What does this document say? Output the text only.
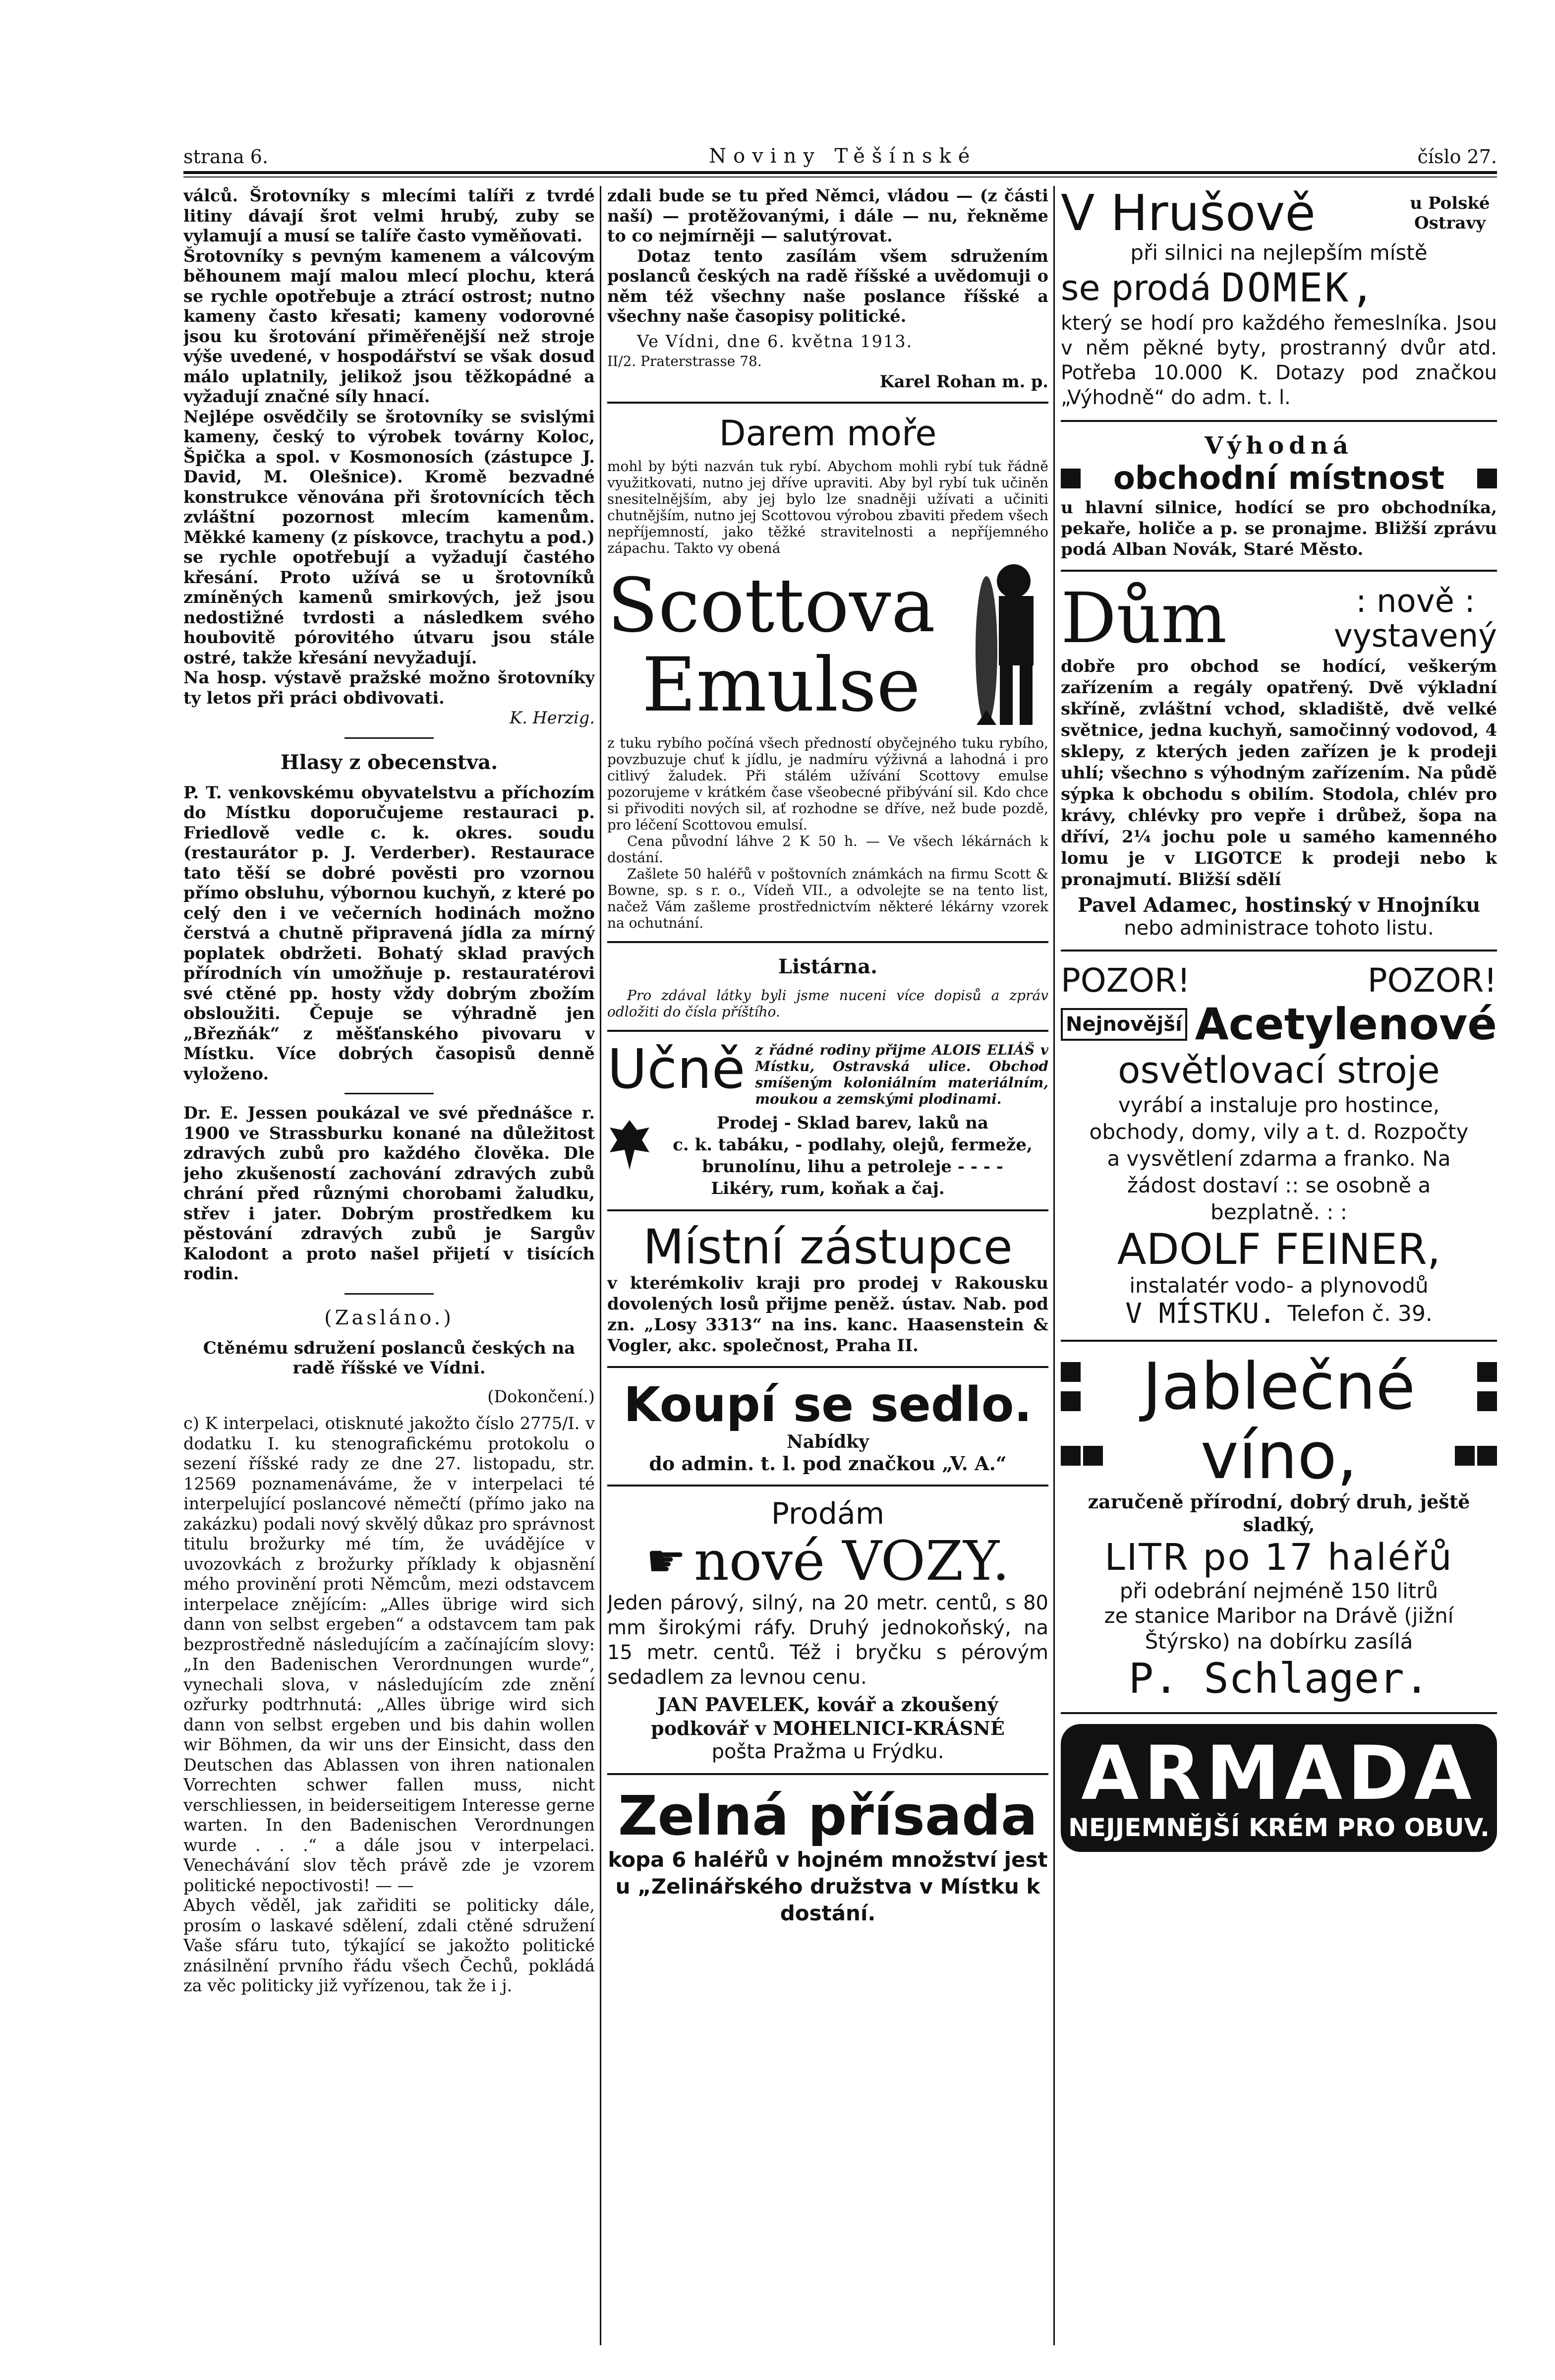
strana 6.	Noviny Těšínské	číslo 27.

válců. Šrotovníky s mlecími talíři z tvrdé litiny dávají šrot velmi hrubý, zuby se vylamují a musí se talíře často vyměňovati.

Šrotovníky s pevným kamenem a válcovým běhounem mají malou mlecí plochu, která se rychle opotřebuje a ztrácí ostrost; nutno kameny často křesati; kameny vodorovné jsou ku šrotování přiměřenější než stroje výše uvedené, v hospodářství se však dosud málo uplatnily, jelikož jsou těžkopádné a vyžadují značné síly hnací.

Nejlépe osvědčily se šrotovníky se svislými kameny, český to výrobek továrny Koloc, Špička a spol. v Kosmonosích (zástupce J. David, M. Olešnice). Kromě bezvadné konstrukce věnována při šrotovnících těch zvláštní pozornost mlecím kamenům. Měkké kameny (z pískovce, trachytu a pod.) se rychle opotřebují a vyžadují častého křesání. Proto užívá se u šrotovníků zmíněných kamenů smirkových, jež jsou nedostižné tvrdosti a následkem svého houbovitě pórovitého útvaru jsou stále ostré, takže křesání nevyžadují.

Na hosp. výstavě pražské možno šrotovníky ty letos při práci obdivovati.

K. Herzig.

Hlasy z obecenstva.

P. T. venkovskému obyvatelstvu a příchozím do Místku doporučujeme restauraci p. Friedlově vedle c. k. okres. soudu (restaurátor p. J. Verderber). Restaurace tato těší se dobré pověsti pro vzornou přímo obsluhu, výbornou kuchyň, z které po celý den i ve večerních hodinách možno čerstvá a chutně připravená jídla za mírný poplatek obdržeti. Bohatý sklad pravých přírodních vín umožňuje p. restauratérovi své ctěné pp. hosty vždy dobrým zbožím obsloužiti. Čepuje se výhradně jen „Březňák“ z měšťanského pivovaru v Místku. Více dobrých časopisů denně vyloženo.

Dr. E. Jessen poukázal ve své přednášce r. 1900 ve Strassburku konané na důležitost zdravých zubů pro každého člověka. Dle jeho zkušeností zachování zdravých zubů chrání před různými chorobami žaludku, střev i jater. Dobrým prostředkem ku pěstování zdravých zubů je Sargův Kalodont a proto našel přijetí v tisících rodin.

(Zasláno.)

Ctěnému sdružení poslanců českých na radě říšské ve Vídni.

(Dokončení.)

c) K interpelaci, otisknuté jakožto číslo 2775/I. v dodatku I. ku stenografickému protokolu o sezení říšské rady ze dne 27. listopadu, str. 12569 poznamenáváme, že v interpelaci té interpelující poslancové němečtí (přímo jako na zakázku) podali nový skvělý důkaz pro správnost titulu brožurky mé tím, že uvádějíce v uvozovkách z brožurky příklady k objasnění mého provinění proti Němcům, mezi odstavcem interpelace znějícím: „Alles übrige wird sich dann von selbst ergeben“ a odstavcem tam pak bezprostředně následujícím a začínajícím slovy: „In den Badenischen Verordnungen wurde“, vynechali slova, v následujícím zde znění ozřurky podtrhnutá: „Alles übrige wird sich dann von selbst ergeben und bis dahin wollen wir Böhmen, da wir uns der Einsicht, dass den Deutschen das Ablassen von ihren nationalen Vorrechten schwer fallen muss, nicht verschliessen, in beiderseitigem Interesse gerne warten. In den Badenischen Verordnungen wurde . . .“ a dále jsou v interpelaci. Venechávání slov těch právě zde je vzorem politické nepoctivosti! — —

Abych věděl, jak zařiditi se politicky dále, prosím o laskavé sdělení, zdali ctěné sdružení Vaše sfáru tuto, týkající se jakožto politické znásilnění prvního řádu všech Čechů, pokládá za věc politicky již vyřízenou, tak že i j.

zdali bude se tu před Němci, vládou — (z části naší) — protěžovanými, i dále — nu, řekněme to co nejmírněji — salutýrovat.

Dotaz tento zasílám všem sdružením poslanců českých na radě říšské a uvědomuji o něm též všechny naše poslance říšské a všechny naše časopisy politické.

Ve Vídni, dne 6. května 1913.

II/2. Praterstrasse 78.

Karel Rohan m. p.

Darem moře

mohl by býti nazván tuk rybí. Abychom mohli rybí tuk řádně využitkovati, nutno jej dříve upraviti. Aby byl rybí tuk učiněn snesitelnějším, aby jej bylo lze snadněji užívati a učiniti chutnějším, nutno jej Scottovou výrobou zbaviti předem všech nepříjemností, jako těžké stravitelnosti a nepříjemného zápachu. Takto vy obená

Scottova

Emulse

z tuku rybího počíná všech předností obyčejného tuku rybího, povzbuzuje chuť k jídlu, je nadmíru výživná a lahodná i pro citlivý žaludek. Při stálém užívání Scottovy emulse pozorujeme v krátkém čase všeobecné přibývání sil. Kdo chce si přivoditi nových sil, ať rozhodne se dříve, než bude pozdě, pro léčení Scottovou emulsí.

Cena původní láhve 2 K 50 h. — Ve všech lékárnách k dostání.

Zašlete 50 haléřů v poštovních známkách na firmu Scott & Bowne, sp. s r. o., Vídeň VII., a odvolejte se na tento list, načež Vám zašleme prostřednictvím některé lékárny vzorek na ochutnání.

Listárna.

Pro zdával látky byli jsme nuceni více dopisů a zpráv odložiti do čísla příštího.

Učně z řádné rodiny přijme ALOIS ELIÁŠ v Místku, Ostravská ulice. Obchod smíšeným koloniálním materiálním, moukou a zemskými plodinami.

Prodej - Sklad barev, laků na

c. k. tabáku, - podlahy, olejů, fermeže,

brunolínu, lihu a petroleje - - - -

Likéry, rum, koňak a čaj.

Místní zástupce

v kterémkoliv kraji pro prodej v Rakousku dovolených losů přijme peněž. ústav. Nab. pod zn. „Losy 3313“ na ins. kanc. Haasenstein & Vogler, akc. společnost, Praha II.

Koupí se sedlo.

Nabídky

do admin. t. l. pod značkou „V. A.“

Prodám

☛ nové VOZY.

Jeden párový, silný, na 20 metr. centů, s 80 mm širokými ráfy. Druhý jednokoňský, na 15 metr. centů. Též i bryčku s pérovým sedadlem za levnou cenu.

JAN PAVELEK, kovář a zkoušený podkovář v MOHELNICI-KRÁSNÉ

pošta Pražma u Frýdku.

Zelná přísada

kopa 6 haléřů v hojném množství jest u „Zelinářského družstva v Místku k dostání.

V Hrušově	u Polské Ostravy

při silnici na nejlepším místě

se prodá DOMEK,

který se hodí pro každého řemeslníka. Jsou v něm pěkné byty, prostranný dvůr atd. Potřeba 10.000 K. Dotazy pod značkou „Výhodně“ do adm. t. l.

Výhodná

obchodní místnost

u hlavní silnice, hodící se pro obchodníka, pekaře, holiče a p. se pronajme. Bližší zprávu podá Alban Novák, Staré Město.

Dům	: nově :

vystavený

dobře pro obchod se hodící, veškerým zařízením a regály opatřený. Dvě výkladní skříně, zvláštní vchod, skladiště, dvě velké světnice, jedna kuchyň, samočinný vodovod, 4 sklepy, z kterých jeden zařízen je k prodeji uhlí; všechno s výhodným zařízením. Na půdě sýpka k obchodu s obilím. Stodola, chlév pro krávy, chlévky pro vepře i drůbež, šopa na dříví, 2¼ jochu pole u samého kamenného lomu je v LIGOTCE k prodeji nebo k pronajmutí. Bližší sdělí

Pavel Adamec, hostinský v Hnojníku

nebo administrace tohoto listu.

POZOR!	POZOR!

Nejnovější Acetylenové

osvětlovací stroje

vyrábí a instaluje pro hostince, obchody, domy, vily a t. d. Rozpočty a vysvětlení zdarma a franko. Na žádost dostaví :: se osobně a bezplatně. : :

ADOLF FEINER,

instalatér vodo- a plynovodů

V MÍSTKU. Telefon č. 39.

Jablečné

víno,

zaručeně přírodní, dobrý druh, ještě sladký,

LITR po 17 haléřů

při odebrání nejméně 150 litrů

ze stanice Maribor na Drávě (jižní Štýrsko) na dobírku zasílá

P. Schlager.

ARMADA

NEJJEMNĚJŠÍ KRÉM PRO OBUV.
